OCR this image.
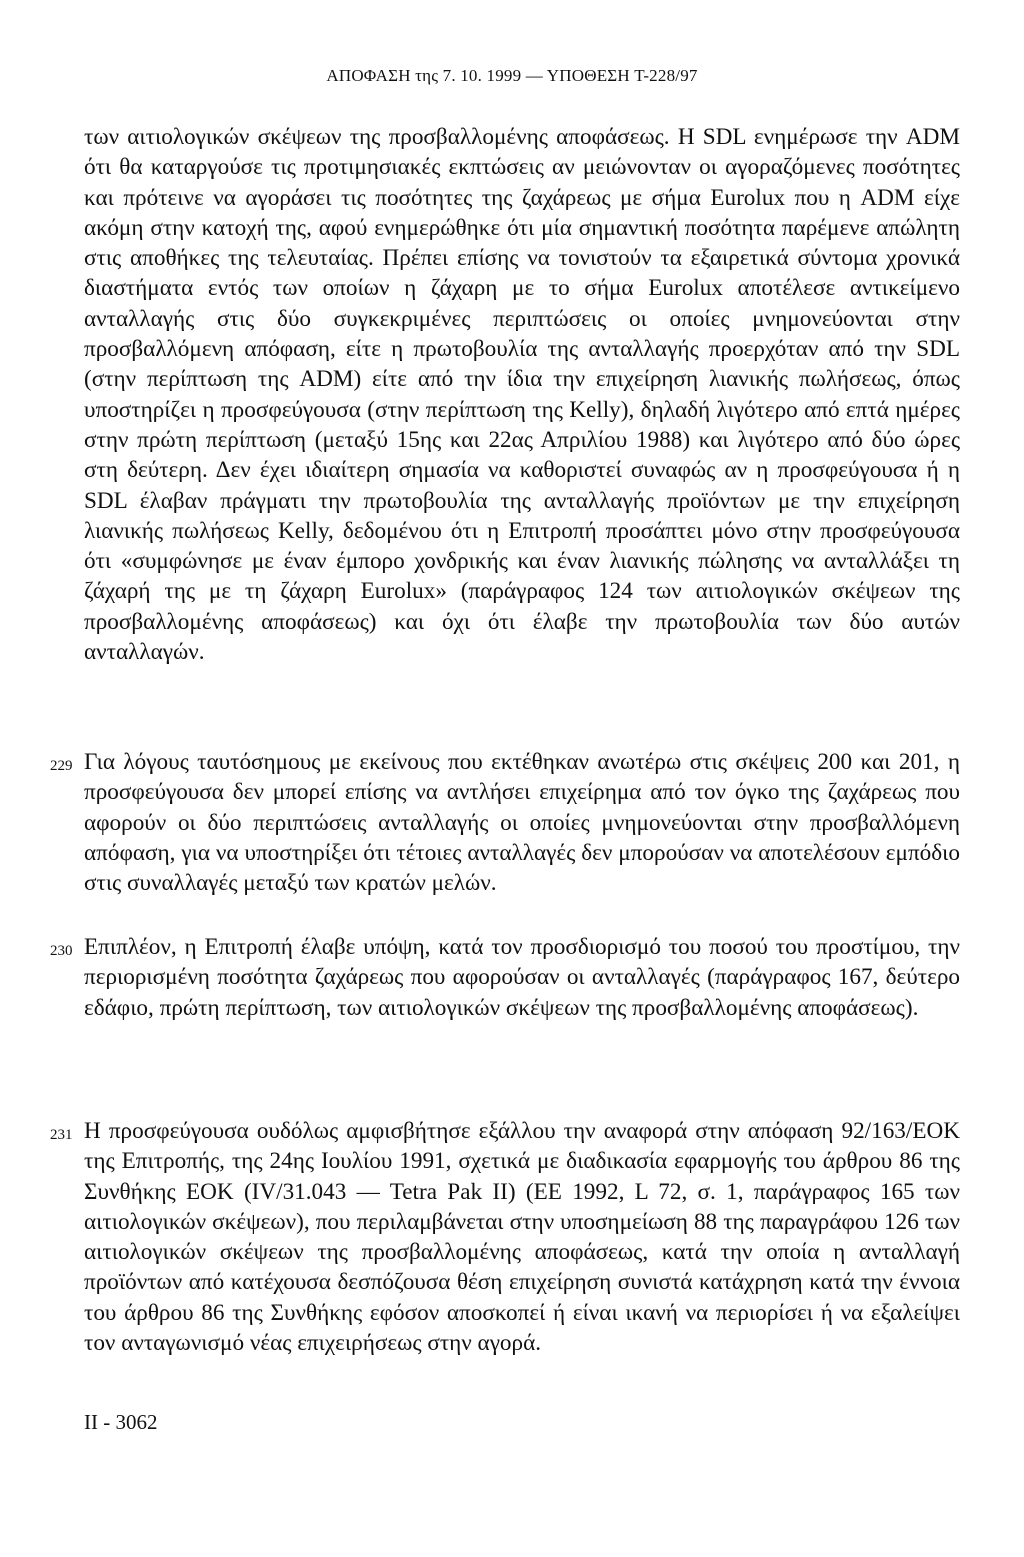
ΑΠΟΦΑΣΗ της 7. 10. 1999 — ΥΠΟΘΕΣΗ T-228/97
των αιτιολογικών σκέψεων της προσβαλλομένης αποφάσεως. Η SDL ενημέρωσε την ADM ότι θα καταργούσε τις προτιμησιακές εκπτώσεις αν μειώνονταν οι αγοραζόμενες ποσότητες και πρότεινε να αγοράσει τις ποσότητες της ζαχάρεως με σήμα Eurolux που η ADM είχε ακόμη στην κατοχή της, αφού ενημερώθηκε ότι μία σημαντική ποσότητα παρέμενε απώλητη στις αποθήκες της τελευταίας. Πρέπει επίσης να τονιστούν τα εξαιρετικά σύντομα χρονικά διαστήματα εντός των οποίων η ζάχαρη με το σήμα Eurolux αποτέλεσε αντικείμενο ανταλλαγής στις δύο συγκεκριμένες περιπτώσεις οι οποίες μνημονεύονται στην προσβαλλόμενη απόφαση, είτε η πρωτοβουλία της ανταλλαγής προερχόταν από την SDL (στην περίπτωση της ADM) είτε από την ίδια την επιχείρηση λιανικής πωλήσεως, όπως υποστηρίζει η προσφεύγουσα (στην περίπτωση της Kelly), δηλαδή λιγότερο από επτά ημέρες στην πρώτη περίπτωση (μεταξύ 15ης και 22ας Απριλίου 1988) και λιγότερο από δύο ώρες στη δεύτερη. Δεν έχει ιδιαίτερη σημασία να καθοριστεί συναφώς αν η προσφεύγουσα ή η SDL έλαβαν πράγματι την πρωτοβουλία της ανταλλαγής προϊόντων με την επιχείρηση λιανικής πωλήσεως Kelly, δεδομένου ότι η Επιτροπή προσάπτει μόνο στην προσφεύγουσα ότι «συμφώνησε με έναν έμπορο χονδρικής και έναν λιανικής πώλησης να ανταλλάξει τη ζάχαρή της με τη ζάχαρη Eurolux» (παράγραφος 124 των αιτιολογικών σκέψεων της προσβαλλομένης αποφάσεως) και όχι ότι έλαβε την πρωτοβουλία των δύο αυτών ανταλλαγών.
229 Για λόγους ταυτόσημους με εκείνους που εκτέθηκαν ανωτέρω στις σκέψεις 200 και 201, η προσφεύγουσα δεν μπορεί επίσης να αντλήσει επιχείρημα από τον όγκο της ζαχάρεως που αφορούν οι δύο περιπτώσεις ανταλλαγής οι οποίες μνημονεύονται στην προσβαλλόμενη απόφαση, για να υποστηρίξει ότι τέτοιες ανταλλαγές δεν μπορούσαν να αποτελέσουν εμπόδιο στις συναλλαγές μεταξύ των κρατών μελών.
230 Επιπλέον, η Επιτροπή έλαβε υπόψη, κατά τον προσδιορισμό του ποσού του προστίμου, την περιορισμένη ποσότητα ζαχάρεως που αφορούσαν οι ανταλλαγές (παράγραφος 167, δεύτερο εδάφιο, πρώτη περίπτωση, των αιτιολογικών σκέψεων της προσβαλλομένης αποφάσεως).
231 Η προσφεύγουσα ουδόλως αμφισβήτησε εξάλλου την αναφορά στην απόφαση 92/163/ΕΟΚ της Επιτροπής, της 24ης Ιουλίου 1991, σχετικά με διαδικασία εφαρμογής του άρθρου 86 της Συνθήκης ΕΟΚ (IV/31.043 — Tetra Pak II) (ΕΕ 1992, L 72, σ. 1, παράγραφος 165 των αιτιολογικών σκέψεων), που περιλαμβάνεται στην υποσημείωση 88 της παραγράφου 126 των αιτιολογικών σκέψεων της προσβαλλομένης αποφάσεως, κατά την οποία η ανταλλαγή προϊόντων από κατέχουσα δεσπόζουσα θέση επιχείρηση συνιστά κατάχρηση κατά την έννοια του άρθρου 86 της Συνθήκης εφόσον αποσκοπεί ή είναι ικανή να περιορίσει ή να εξαλείψει τον ανταγωνισμό νέας επιχειρήσεως στην αγορά.
II - 3062
